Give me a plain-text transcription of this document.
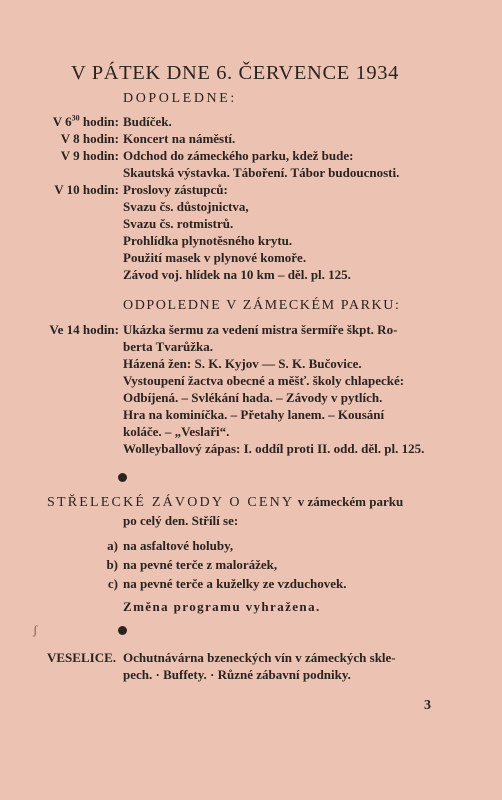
V PÁTEK DNE 6. ČERVENCE 1934
DOPOLEDNE:
V $6^{30}$ hodin: Budíček.
V 8 hodin: Koncert na náměstí.
V 9 hodin: Odchod do zámeckého parku, kdež bude:
Skautská výstavka. Táboření. Tábor budoucnosti.
V 10 hodin: Proslovy zástupců:
Svazu čs. důstojnictva,
Svazu čs. rotmistrů.
Prohlídka plynotěsného krytu.
Použití masek v plynové komoře.
Závod voj. hlídek na 10 km – děl. pl. 125.
ODPOLEDNE V ZÁMECKÉM PARKU:
Ve 14 hodin: Ukázka šermu za vedení mistra šermíře škpt. Ro-
berta Tvarůžka.
Házená žen: S. K. Kyjov — S. K. Bučovice.
Vystoupení žactva obecné a měšť. školy chlapecké:
Odbíjená. – Svlékání hada. – Závody v pytlích.
Hra na kominíčka. – Přetahy lanem. – Kousání
koláče. – „Veslaři“.
Wolleyballový zápas: I. oddíl proti II. odd. děl. pl. 125.
STŘELECKÉ ZÁVODY O CENY v zámeckém parku
po celý den. Střílí se:
a) na asfaltové holuby,
b) na pevné terče z malorážek,
c) na pevné terče a kuželky ze vzduchovek.
Změna programu vyhražena.
ʃ
VESELICE. Ochutnávárna bzeneckých vín v zámeckých skle-
pech. · Buffety. · Různé zábavní podniky.
3
